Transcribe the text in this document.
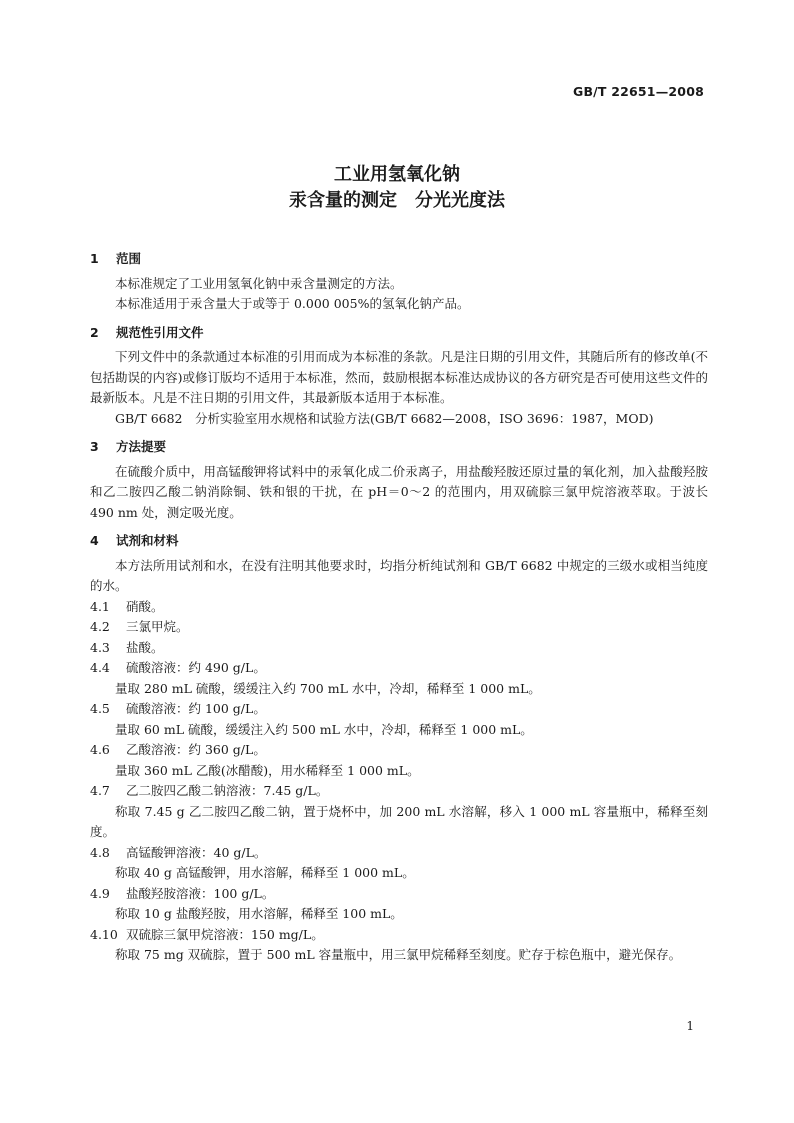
GB/T 22651—2008
工业用氢氧化钠
汞含量的测定 分光光度法
1 范围

本标准规定了工业用氢氧化钠中汞含量测定的方法。

本标准适用于汞含量大于或等于 0.000 005%的氢氧化钠产品。

2 规范性引用文件

下列文件中的条款通过本标准的引用而成为本标准的条款。凡是注日期的引用文件，其随后所有的修改单(不包括勘误的内容)或修订版均不适用于本标准，然而，鼓励根据本标准达成协议的各方研究是否可使用这些文件的最新版本。凡是不注日期的引用文件，其最新版本适用于本标准。

GB/T 6682　分析实验室用水规格和试验方法(GB/T 6682—2008，ISO 3696：1987，MOD)

3 方法提要

在硫酸介质中，用高锰酸钾将试料中的汞氧化成二价汞离子，用盐酸羟胺还原过量的氧化剂，加入盐酸羟胺和乙二胺四乙酸二钠消除铜、铁和银的干扰，在 pH＝0～2 的范围内，用双硫腙三氯甲烷溶液萃取。于波长 490 nm 处，测定吸光度。

4 试剂和材料

本方法所用试剂和水，在没有注明其他要求时，均指分析纯试剂和 GB/T 6682 中规定的三级水或相当纯度的水。

4.1 硝酸。

4.2 三氯甲烷。

4.3 盐酸。

4.4 硫酸溶液：约 490 g/L。

量取 280 mL 硫酸，缓缓注入约 700 mL 水中，冷却，稀释至 1 000 mL。

4.5 硫酸溶液：约 100 g/L。

量取 60 mL 硫酸，缓缓注入约 500 mL 水中，冷却，稀释至 1 000 mL。

4.6 乙酸溶液：约 360 g/L。

量取 360 mL 乙酸(冰醋酸)，用水稀释至 1 000 mL。

4.7 乙二胺四乙酸二钠溶液：7.45 g/L。

称取 7.45 g 乙二胺四乙酸二钠，置于烧杯中，加 200 mL 水溶解，移入 1 000 mL 容量瓶中，稀释至刻度。

4.8 高锰酸钾溶液：40 g/L。

称取 40 g 高锰酸钾，用水溶解，稀释至 1 000 mL。

4.9 盐酸羟胺溶液：100 g/L。

称取 10 g 盐酸羟胺，用水溶解，稀释至 100 mL。

4.10 双硫腙三氯甲烷溶液：150 mg/L。

称取 75 mg 双硫腙，置于 500 mL 容量瓶中，用三氯甲烷稀释至刻度。贮存于棕色瓶中，避光保存。

1
